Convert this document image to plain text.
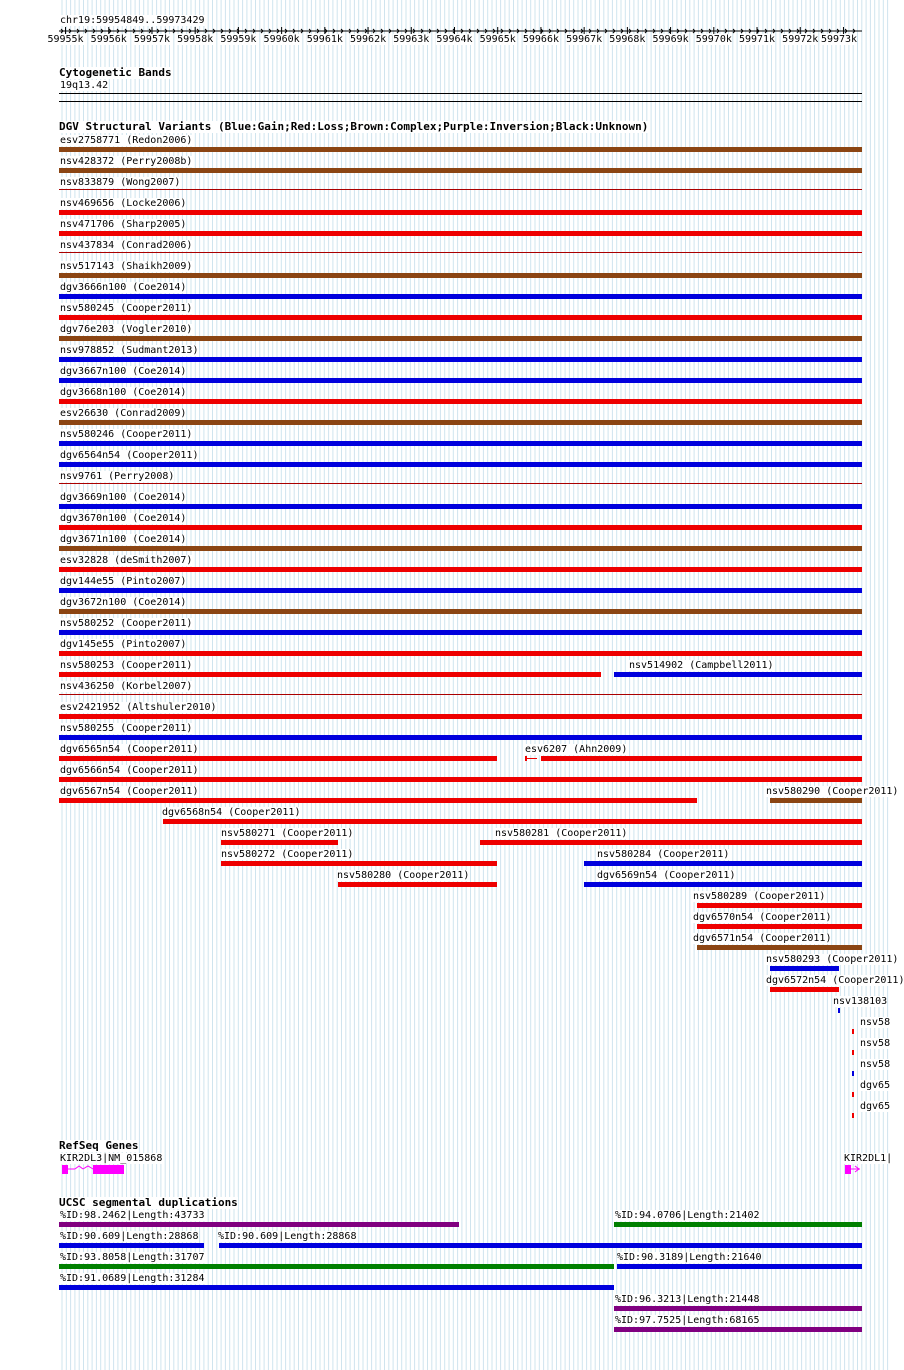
chr19:59954849..59973429
59955k 59956k 59957k 59958k 59959k 59960k 59961k 59962k 59963k 59964k 59965k 59966k 59967k 59968k 59969k 59970k 59971k 59972k 59973k
Cytogenetic Bands
19q13.42
DGV Structural Variants (Blue:Gain;Red:Loss;Brown:Complex;Purple:Inversion;Black:Unknown)
esv2758771 (Redon2006)
nsv428372 (Perry2008b)
nsv833879 (Wong2007)
nsv469656 (Locke2006)
nsv471706 (Sharp2005)
nsv437834 (Conrad2006)
nsv517143 (Shaikh2009)
dgv3666n100 (Coe2014)
nsv580245 (Cooper2011)
dgv76e203 (Vogler2010)
nsv978852 (Sudmant2013)
dgv3667n100 (Coe2014)
dgv3668n100 (Coe2014)
esv26630 (Conrad2009)
nsv580246 (Cooper2011)
dgv6564n54 (Cooper2011)
nsv9761 (Perry2008)
dgv3669n100 (Coe2014)
dgv3670n100 (Coe2014)
dgv3671n100 (Coe2014)
esv32828 (deSmith2007)
dgv144e55 (Pinto2007)
dgv3672n100 (Coe2014)
nsv580252 (Cooper2011)
dgv145e55 (Pinto2007)
nsv580253 (Cooper2011)	nsv514902 (Campbell2011)
nsv436250 (Korbel2007)
esv2421952 (Altshuler2010)
nsv580255 (Cooper2011)
dgv6565n54 (Cooper2011)	esv6207 (Ahn2009)
dgv6566n54 (Cooper2011)
dgv6567n54 (Cooper2011)	nsv580290 (Cooper2011)
dgv6568n54 (Cooper2011)
nsv580271 (Cooper2011)	nsv580281 (Cooper2011)
nsv580272 (Cooper2011)	nsv580284 (Cooper2011)
nsv580280 (Cooper2011)	dgv6569n54 (Cooper2011)
nsv580289 (Cooper2011)
dgv6570n54 (Cooper2011)
dgv6571n54 (Cooper2011)
nsv580293 (Cooper2011)
dgv6572n54 (Cooper2011)
nsv138103
nsv58
nsv58
nsv58
dgv65
dgv65
RefSeq Genes
KIR2DL3|NM_015868	KIR2DL1|
UCSC segmental duplications
%ID:98.2462|Length:43733	%ID:94.0706|Length:21402
%ID:90.609|Length:28868 %ID:90.609|Length:28868
%ID:93.8058|Length:31707	%ID:90.3189|Length:21640
%ID:91.0689|Length:31284
%ID:96.3213|Length:21448
%ID:97.7525|Length:68165
